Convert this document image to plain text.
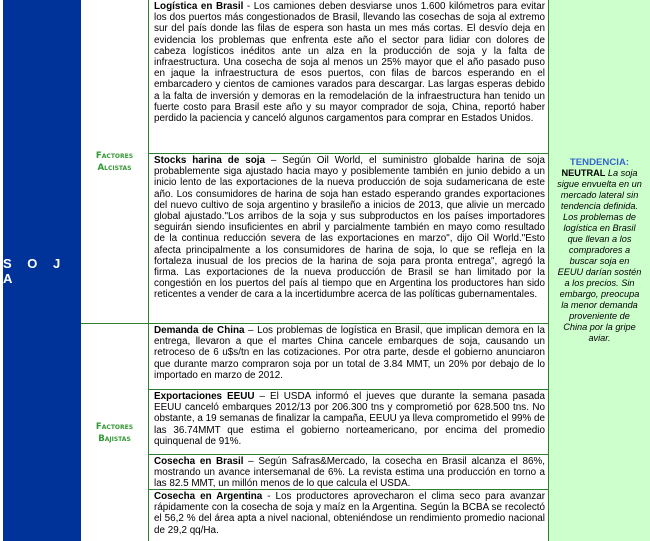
S O J A
Factores
Alcistas
Factores
Bajistas
Logística en Brasil - Los camiones deben desviarse unos 1.600 kilómetros para evitar los dos puertos más congestionados de Brasil, llevando las cosechas de soja al extremo sur del país donde las filas de espera son hasta un mes más cortas. El desvío deja en evidencia los problemas que enfrenta este año el sector para lidiar con dolores de cabeza logísticos inéditos ante un alza en la producción de soja y la falta de infraestructura. Una cosecha de soja al menos un 25% mayor que el año pasado puso en jaque la infraestructura de esos puertos, con filas de barcos esperando en el embarcadero y cientos de camiones varados para descargar. Las largas esperas debido a la falta de inversión y demoras en la remodelación de la infraestructura han tenido un fuerte costo para Brasil este año y su mayor comprador de soja, China, reportó haber perdido la paciencia y canceló algunos cargamentos para comprar en Estados Unidos.
Stocks harina de soja – Según Oil World, el suministro globalde harina de soja probablemente siga ajustado hacia mayo y posiblemente también en junio debido a un inicio lento de las exportaciones de la nueva producción de soja sudamericana de este año. Los consumidores de harina de soja han estado esperando grandes exportaciones del nuevo cultivo de soja argentino y brasileño a inicios de 2013, que alivie un mercado global ajustado."Los arribos de la soja y sus subproductos en los países importadores seguirán siendo insuficientes en abril y parcialmente también en mayo como resultado de la continua reducción severa de las exportaciones en marzo", dijo Oil World."Esto afecta principalmente a los consumidores de harina de soja, lo que se refleja en la fortaleza inusual de los precios de la harina de soja para pronta entrega", agregó la firma. Las exportaciones de la nueva producción de Brasil se han limitado por la congestión en los puertos del país al tiempo que en Argentina los productores han sido reticentes a vender de cara a la incertidumbre acerca de las políticas gubernamentales.
Demanda de China – Los problemas de logística en Brasil, que implican demora en la entrega, llevaron a que el martes China cancele embarques de soja, causando un retroceso de 6 u$s/tn en las cotizaciones. Por otra parte, desde el gobierno anunciaron que durante marzo compraron soja por un total de 3.84 MMT, un 20% por debajo de lo importado en marzo de 2012.
Exportaciones EEUU – El USDA informó el jueves que durante la semana pasada EEUU canceló embarques 2012/13 por 206.300 tns y comprometió por 628.500 tns. No obstante, a 19 semanas de finalizar la campaña, EEUU ya lleva comprometido el 99% de las 36.74MMT que estima el gobierno norteamericano, por encima del promedio quinquenal de 91%.
Cosecha en Brasil – Según Safras&Mercado, la cosecha en Brasil alcanza el 86%, mostrando un avance intersemanal de 6%. La revista estima una producción en torno a las 82.5 MMT, un millón menos de lo que calcula el USDA.
Cosecha en Argentina - Los productores aprovecharon el clima seco para avanzar rápidamente con la cosecha de soja y maíz en la Argentina. Según la BCBA se recolectó el 56,2 % del área apta a nivel nacional, obteniéndose un rendimiento promedio nacional de 29,2 qq/Ha.
TENDENCIA:
NEUTRAL La soja sigue envuelta en un mercado lateral sin tendencia definida. Los problemas de logística en Brasil que llevan a los compradores a buscar soja en EEUU darían sostén a los precios. Sin embargo, preocupa la menor demanda proveniente de China por la gripe aviar.
